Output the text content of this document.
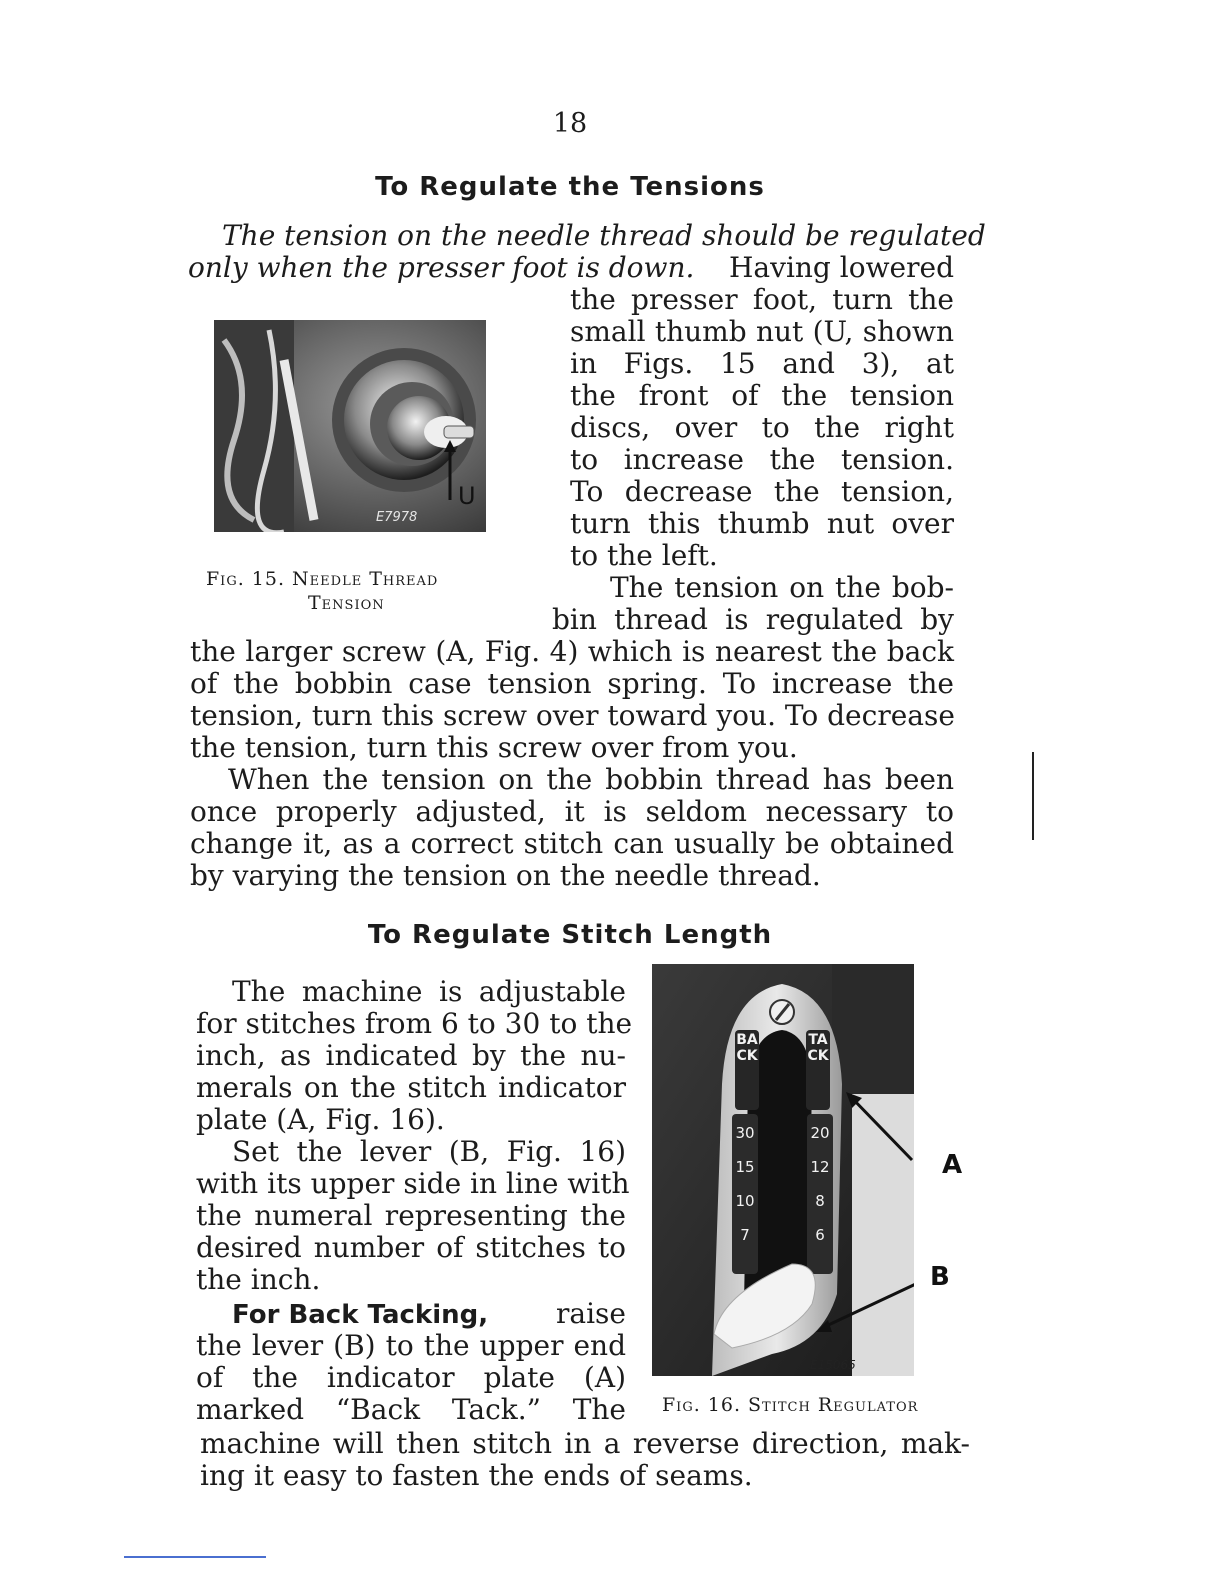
18
To Regulate the Tensions
The tension on the needle thread should be regulated
only when the presser foot is down. Having lowered
U
E7978
Fig. 15. Needle Thread
Tension
the presser foot, turn the
small thumb nut (U, shown
in Figs. 15 and 3), at
the front of the tension
discs, over to the right
to increase the tension.
To decrease the tension,
turn this thumb nut over
to the left.
The tension on the bob-
bin thread is regulated by
the larger screw (A, Fig. 4) which is nearest the back
of the bobbin case tension spring. To increase the
tension, turn this screw over toward you. To decrease
the tension, turn this screw over from you.
When the tension on the bobbin thread has been
once properly adjusted, it is seldom necessary to
change it, as a correct stitch can usually be obtained
by varying the tension on the needle thread.
To Regulate Stitch Length
The machine is adjustable
for stitches from 6 to 30 to the
inch, as indicated by the nu-
merals on the stitch indicator
plate (A, Fig. 16).
Set the lever (B, Fig. 16)
with its upper side in line with
the numeral representing the
desired number of stitches to
the inch.
For Back Tacking, raise
the lever (B) to the upper end
of the indicator plate (A)
marked “Back Tack.” The
machine will then stitch in a reverse direction, mak-
ing it easy to fasten the ends of seams.
BACK
TACK
30
15
10
7
20
12
8
6
E15065
A
B
Fig. 16. Stitch Regulator
